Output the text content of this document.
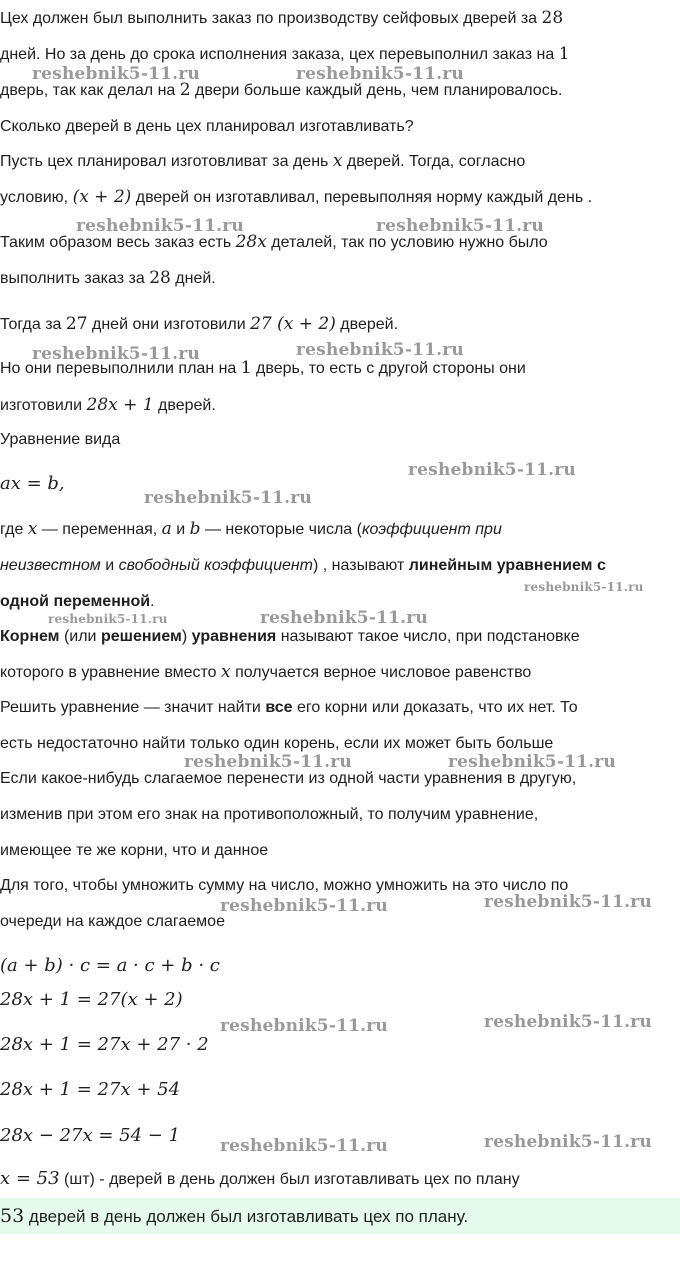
Цех должен был выполнить заказ по производству сейфовых дверей за 28
дней. Но за день до срока исполнения заказа, цех перевыполнил заказ на 1
дверь, так как делал на 2 двери больше каждый день, чем планировалось.
Сколько дверей в день цех планировал изготавливать?
Пусть цех планировал изготовливат за день x дверей. Тогда, согласно
условию, (x + 2) дверей он изготавливал, перевыполняя норму каждый день .
Таким образом весь заказ есть 28x деталей, так по условию нужно было
выполнить заказ за 28 дней.
Тогда за 27 дней они изготовили 27 (x + 2) дверей.
Но они перевыполнили план на 1 дверь, то есть с другой стороны они
изготовили 28x + 1 дверей.
Уравнение вида
ax = b,
где x — переменная, a и b — некоторые числа (коэффициент при
неизвестном и свободный коэффициент) , называют линейным уравнением с
одной переменной.
Корнем (или решением) уравнения называют такое число, при подстановке
которого в уравнение вместо x получается верное числовое равенство
Решить уравнение — значит найти все его корни или доказать, что их нет. То
есть недостаточно найти только один корень, если их может быть больше
Если какое-нибудь слагаемое перенести из одной части уравнения в другую,
изменив при этом его знак на противоположный, то получим уравнение,
имеющее те же корни, что и данное
Для того, чтобы умножить сумму на число, можно умножить на это число по
очереди на каждое слагаемое
(a + b) · c = a · c + b · c
28x + 1 = 27(x + 2)
28x + 1 = 27x + 27 · 2
28x + 1 = 27x + 54
28x − 27x = 54 − 1
x = 53 (шт) - дверей в день должен был изготавливать цех по плану
53 дверей в день должен был изготавливать цех по плану.
reshebnik5-11.ru	reshebnik5-11.ru
reshebnik5-11.ru	reshebnik5-11.ru
reshebnik5-11.ru	reshebnik5-11.ru
reshebnik5-11.ru
reshebnik5-11.ru
reshebnik5-11.ru
reshebnik5-11.ru	reshebnik5-11.ru
reshebnik5-11.ru	reshebnik5-11.ru
reshebnik5-11.ru	reshebnik5-11.ru
reshebnik5-11.ru	reshebnik5-11.ru
reshebnik5-11.ru	reshebnik5-11.ru
